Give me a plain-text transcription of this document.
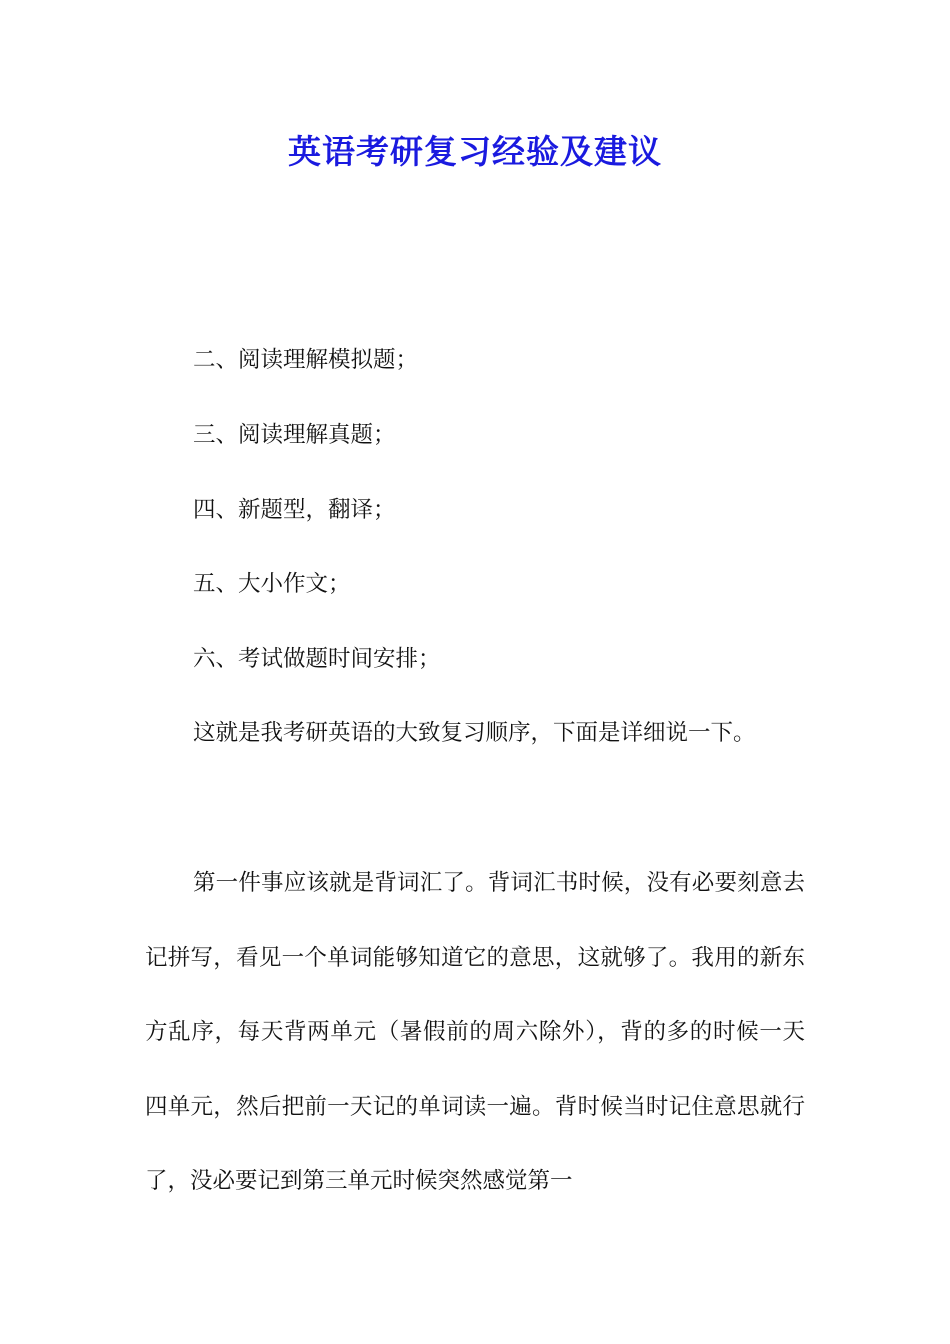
英语考研复习经验及建议
二、阅读理解模拟题；
三、阅读理解真题；
四、新题型，翻译；
五、大小作文；
六、考试做题时间安排；
这就是我考研英语的大致复习顺序，下面是详细说一下。

第一件事应该就是背词汇了。背词汇书时候，没有必要刻意去记拼写，看见一个单词能够知道它的意思，这就够了。我用的新东方乱序，每天背两单元（暑假前的周六除外），背的多的时候一天四单元，然后把前一天记的单词读一遍。背时候当时记住意思就行了，没必要记到第三单元时候突然感觉第一
